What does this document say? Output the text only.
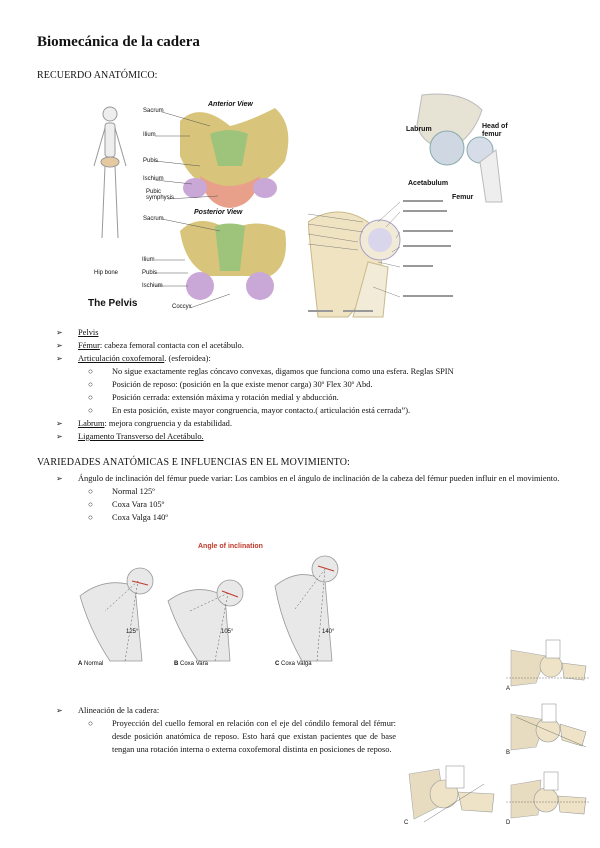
Biomecánica de la cadera
RECUERDO ANATÓMICO:
Anterior View
Posterior View
Sacrum
Ilium
Pubis
Ischium
Pubic symphysis
Sacrum
Ilium
Hip bone	Pubis
Ischium
Coccyx
The Pelvis
Labrum	Head of femur
Acetabulum
Femur
➢ Pelvis
➢ Fémur: cabeza femoral contacta con el acetábulo.
➢ Articulación coxofemoral. (esferoidea):
○ No sigue exactamente reglas cóncavo convexas, digamos que funciona como una esfera. Reglas SPIN
○ Posición de reposo: (posición en la que existe menor carga) 30º Flex 30º Abd.
○ Posición cerrada: extensión máxima y rotación medial y abducción.
○ En esta posición, existe mayor congruencia, mayor contacto.( articulación está cerrada”).
➢ Labrum: mejora congruencia y da estabilidad.
➢ Ligamento Transverso del Acetábulo.
VARIEDADES ANATÓMICAS E INFLUENCIAS EN EL MOVIMIENTO:
➢ Ángulo de inclinación del fémur puede variar: Los cambios en el ángulo de inclinación de la cabeza del fémur pueden influir en el movimiento.
○ Normal 125º
○ Coxa Vara 105º
○ Coxa Valga 140º
Angle of inclination
125°	105°	140°
A Normal	B Coxa Vara	C Coxa Valga
➢ Alineación de la cadera:
○ Proyección del cuello femoral en relación con el eje del cóndilo femoral del fémur: desde posición anatómica de reposo. Esto hará que existan pacientes que de base tengan una rotación interna o externa coxofemoral distinta en posiciones de reposo.
A
B
C	D
